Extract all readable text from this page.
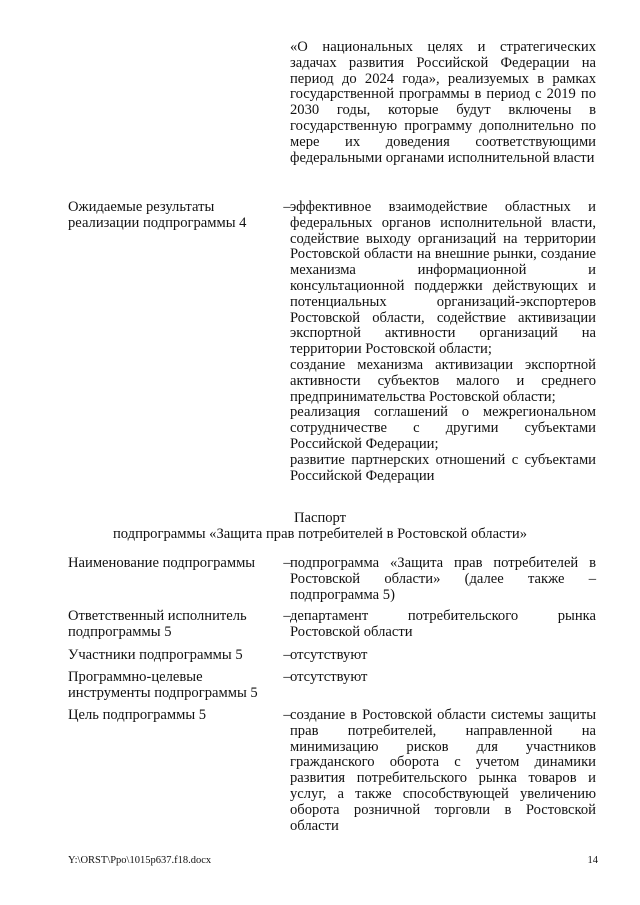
«О национальных целях и стратегических задачах развития Российской Федерации на период до 2024 года», реализуемых в рамках государственной программы в период с 2019 по 2030 годы, которые будут включены в государственную программу дополнительно по мере их доведения соответствующими федеральными органами исполнительной власти
Ожидаемые результаты реализации подпрограммы 4
– эффективное взаимодействие областных и федеральных органов исполнительной власти, содействие выходу организаций на территории Ростовской области на внешние рынки, создание механизма информационной и консультационной поддержки действующих и потенциальных организаций-экспортеров Ростовской области, содействие активизации экспортной активности организаций на территории Ростовской области;
создание механизма активизации экспортной активности субъектов малого и среднего предпринимательства Ростовской области;
реализация соглашений о межрегиональном сотрудничестве с другими субъектами Российской Федерации;
развитие партнерских отношений с субъектами Российской Федерации
Паспорт
подпрограммы «Защита прав потребителей в Ростовской области»
Наименование подпрограммы	– подпрограмма «Защита прав потребителей в Ростовской области» (далее также – подпрограмма 5)
Ответственный исполнитель подпрограммы 5
– департамент потребительского рынка Ростовской области
Участники подпрограммы 5	– отсутствуют
Программно-целевые инструменты подпрограммы 5
– отсутствуют
Цель подпрограммы 5	– создание в Ростовской области системы защиты прав потребителей, направленной на минимизацию рисков для участников гражданского оборота с учетом динамики развития потребительского рынка товаров и услуг, а также способствующей увеличению оборота розничной торговли в Ростовской области
Y:\ORST\Ppo\1015p637.f18.docx	14
